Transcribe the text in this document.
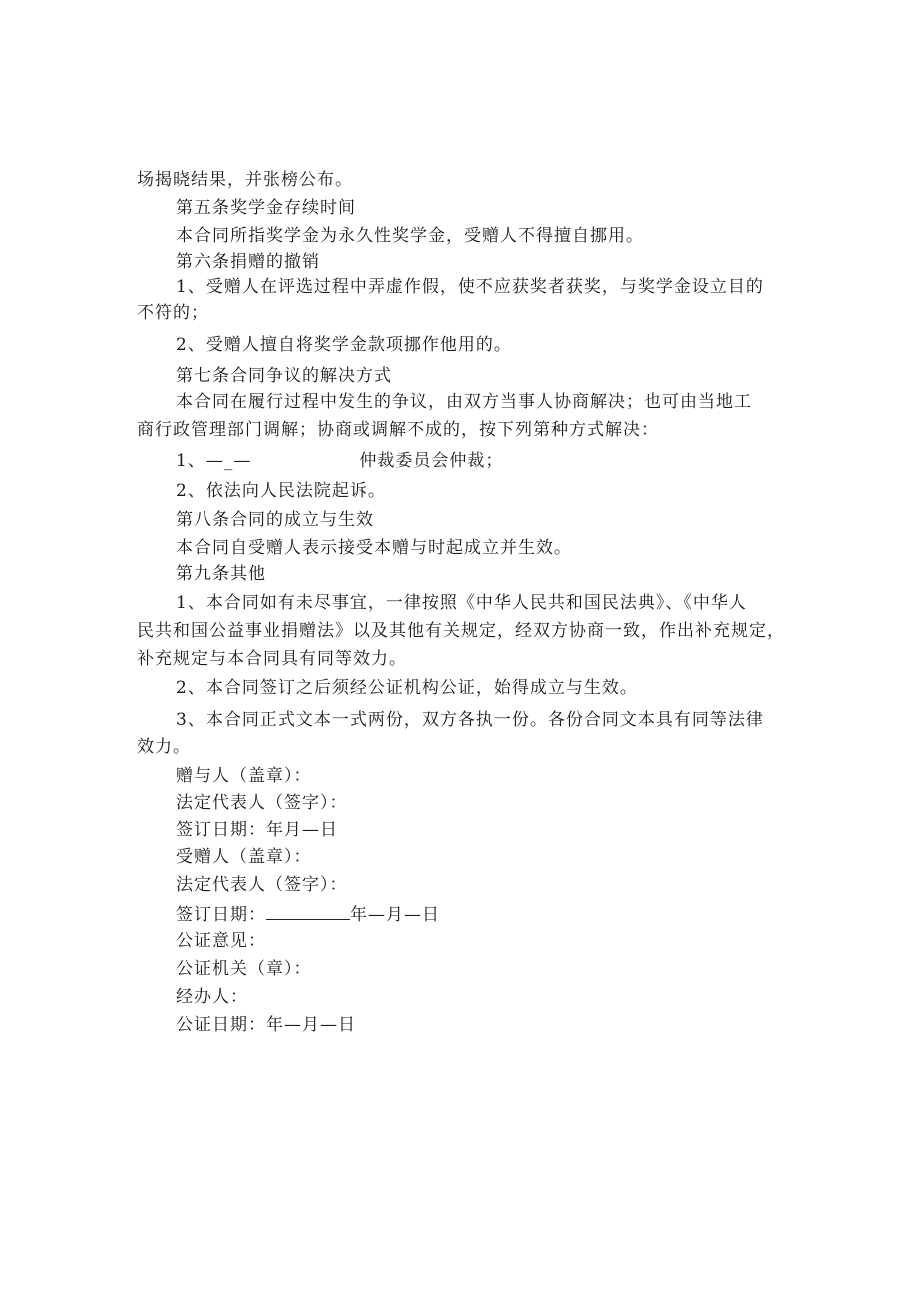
场揭晓结果，并张榜公布。
第五条奖学金存续时间
本合同所指奖学金为永久性奖学金，受赠人不得擅自挪用。
第六条捐赠的撤销
1、受赠人在评选过程中弄虚作假，使不应获奖者获奖，与奖学金设立目的
不符的；
2、受赠人擅自将奖学金款项挪作他用的。
第七条合同争议的解决方式
本合同在履行过程中发生的争议，由双方当事人协商解决；也可由当地工
商行政管理部门调解；协商或调解不成的，按下列第种方式解决：
1、—_—	仲裁委员会仲裁；
2、依法向人民法院起诉。
第八条合同的成立与生效
本合同自受赠人表示接受本赠与时起成立并生效。
第九条其他
1、本合同如有未尽事宜，一律按照《中华人民共和国民法典》、《中华人
民共和国公益事业捐赠法》以及其他有关规定，经双方协商一致，作出补充规定，
补充规定与本合同具有同等效力。
2、本合同签订之后须经公证机构公证，始得成立与生效。
3、本合同正式文本一式两份，双方各执一份。各份合同文本具有同等法律
效力。
赠与人（盖章）：
法定代表人（签字）：
签订日期：年月—日
受赠人（盖章）：
法定代表人（签字）：
签订日期：	年—月—日
公证意见：
公证机关（章）：
经办人：
公证日期：年—月—日
